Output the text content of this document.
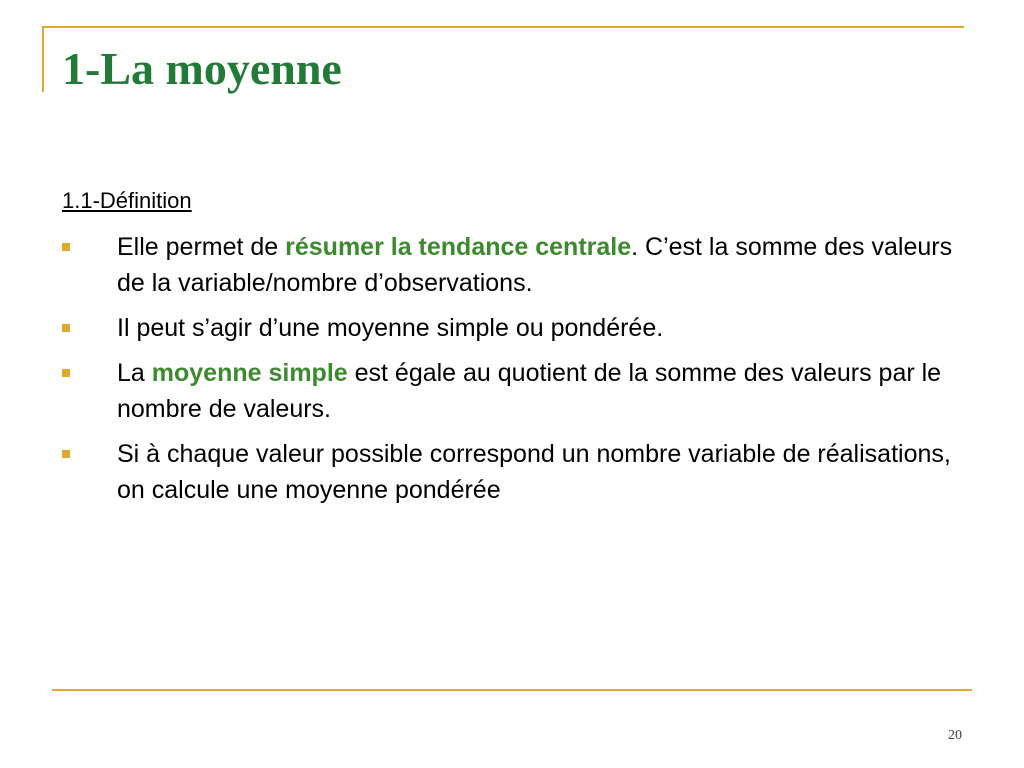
1-La moyenne
1.1-Définition
Elle permet de résumer la tendance centrale. C’est la somme des valeurs de la variable/nombre d’observations.
Il peut s’agir d’une moyenne simple ou pondérée.
La moyenne simple est égale au quotient de la somme des valeurs par le nombre de valeurs.
Si à chaque valeur possible correspond un nombre variable de réalisations, on calcule une moyenne pondérée
20
